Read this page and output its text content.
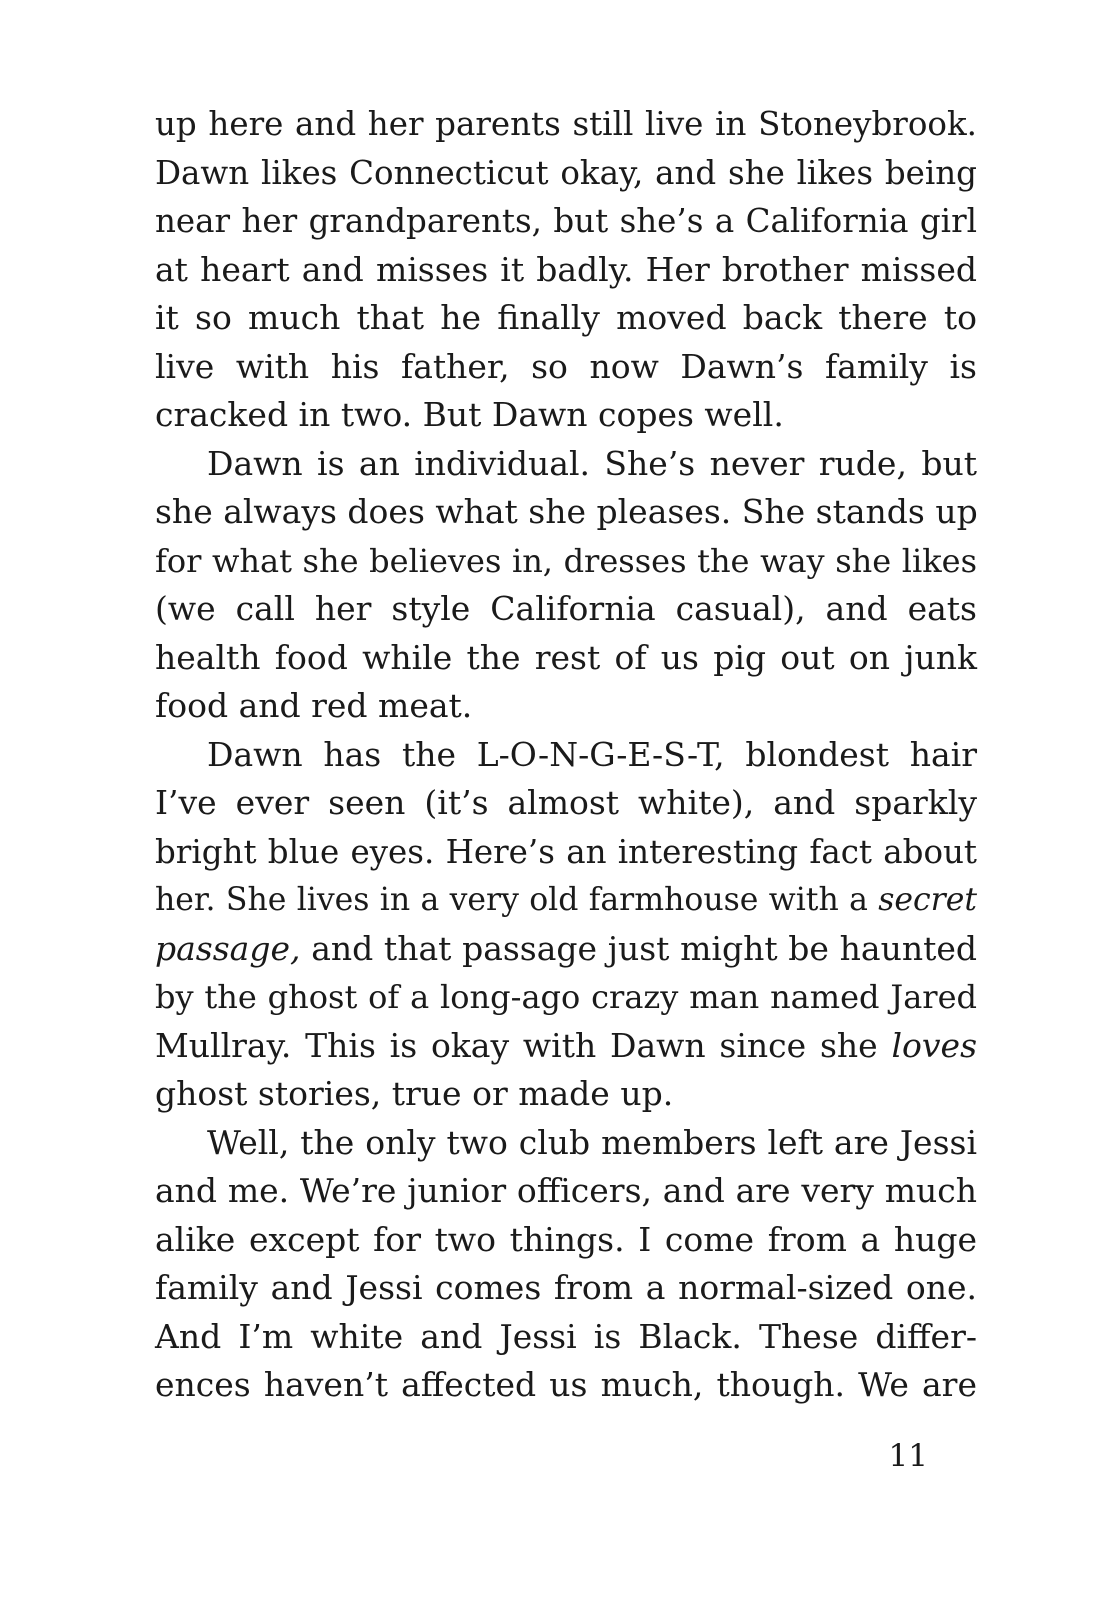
up here and her parents still live in Stoneybrook.
Dawn likes Connecticut okay, and she likes being
near her grandparents, but she’s a California girl
at heart and misses it badly. Her brother missed
it so much that he finally moved back there to
live with his father, so now Dawn’s family is
cracked in two. But Dawn copes well.
Dawn is an individual. She’s never rude, but
she always does what she pleases. She stands up
for what she believes in, dresses the way she likes
(we call her style California casual), and eats
health food while the rest of us pig out on junk
food and red meat.
Dawn has the L-O-N-G-E-S-T, blondest hair
I’ve ever seen (it’s almost white), and sparkly
bright blue eyes. Here’s an interesting fact about
her. She lives in a very old farmhouse with a secret
passage, and that passage just might be haunted
by the ghost of a long-ago crazy man named Jared
Mullray. This is okay with Dawn since she loves
ghost stories, true or made up.
Well, the only two club members left are Jessi
and me. We’re junior officers, and are very much
alike except for two things. I come from a huge
family and Jessi comes from a normal-sized one.
And I’m white and Jessi is Black. These differ-
ences haven’t affected us much, though. We are
11
